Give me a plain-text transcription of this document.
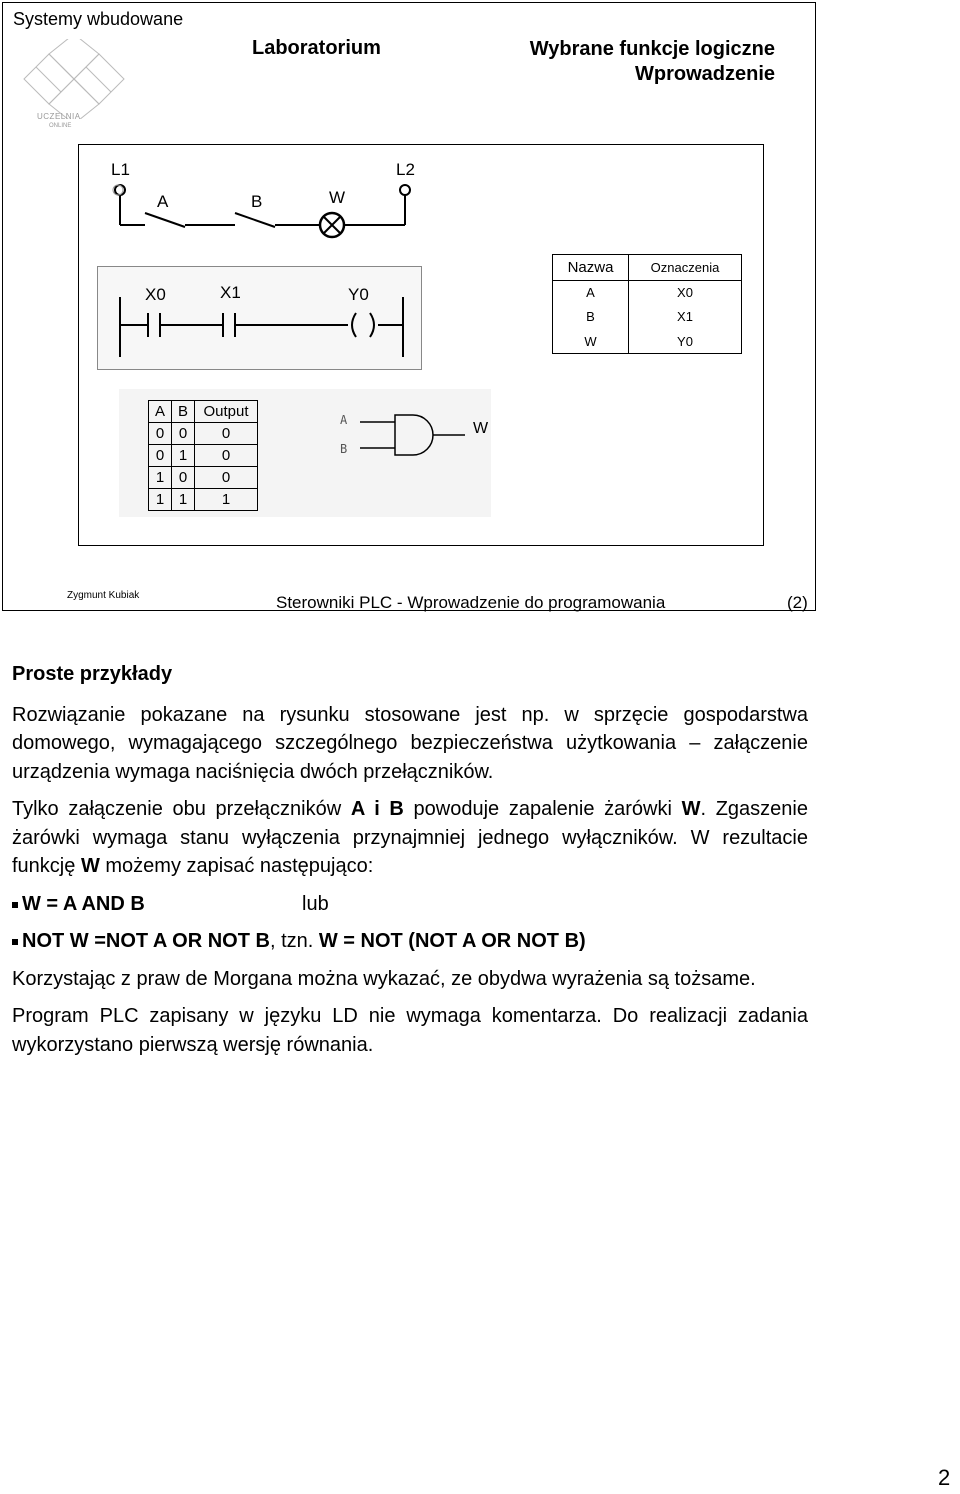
Systemy wbudowane
Laboratorium	Wybrane funkcje logiczne
Wprowadzenie
UCZELNIA
ONLINE
Zygmunt Kubiak	Sterowniki PLC - Wprowadzenie do programowania	(2)
L1	L2
A	B	W
X0	X1	Y0
Nazwa	Oznaczenia
A	X0
B	X1
W	Y0
A	B	Output
0	0	0
0	1	0
1	0	0
1	1	1
A
B
W

Proste przykłady

Rozwiązanie pokazane na rysunku stosowane jest np. w sprzęcie gospodarstwa domowego, wymagającego szczególnego bezpieczeństwa użytkowania – załączenie urządzenia wymaga naciśnięcia dwóch przełączników.

Tylko załączenie obu przełączników A i B powoduje zapalenie żarówki W. Zgaszenie żarówki wymaga stanu wyłączenia przynajmniej jednego wyłączników. W rezultacie funkcję W możemy zapisać następująco:

W = A AND B	lub

NOT W =NOT A OR NOT B , tzn. W = NOT (NOT A OR NOT B)

Korzystając z praw de Morgana można wykazać, ze obydwa wyrażenia są tożsame.

Program PLC zapisany w języku LD nie wymaga komentarza. Do realizacji zadania wykorzystano pierwszą wersję równania.

2
